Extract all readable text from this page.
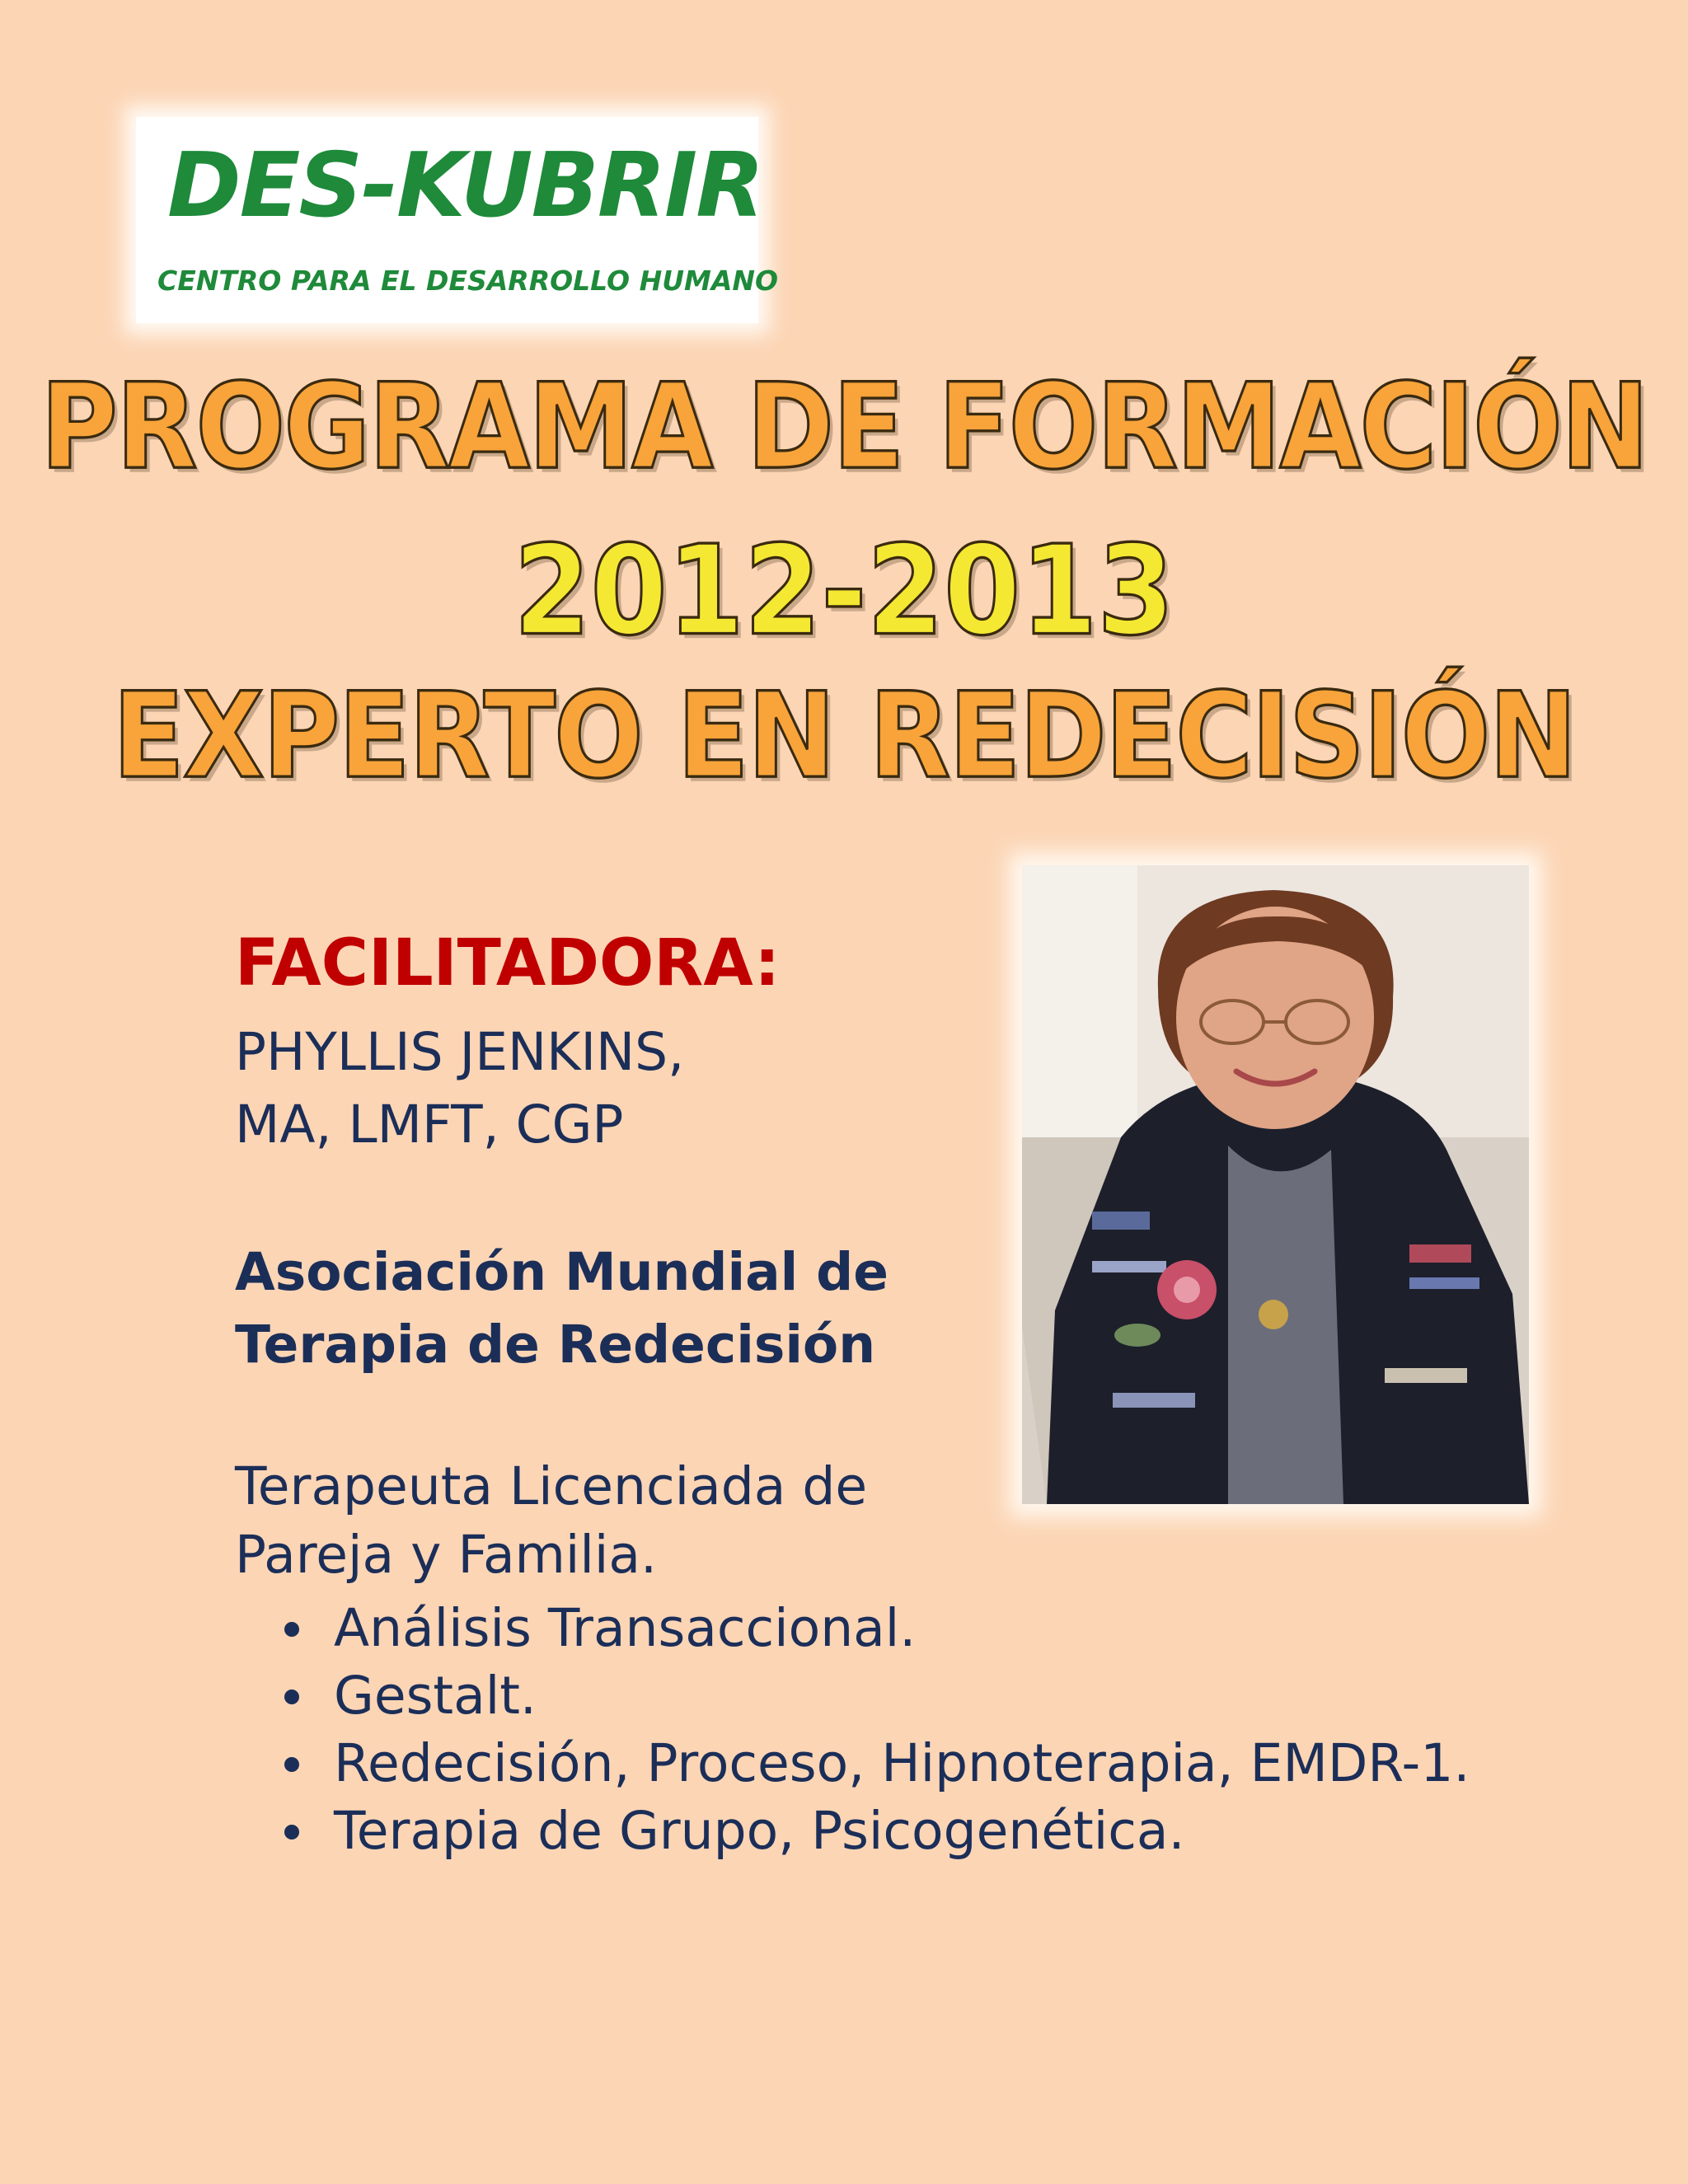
DES-KUBRIR
CENTRO PARA EL DESARROLLO HUMANO
PROGRAMA DE FORMACIÓN
2012-2013
EXPERTO EN REDECISIÓN
FACILITADORA:
PHYLLIS JENKINS,
MA, LMFT, CGP
Asociación Mundial de
Terapia de Redecisión
Terapeuta Licenciada de
Pareja y Familia.
Análisis Transaccional.
Gestalt.
Redecisión, Proceso, Hipnoterapia, EMDR-1.
Terapia de Grupo, Psicogenética.
